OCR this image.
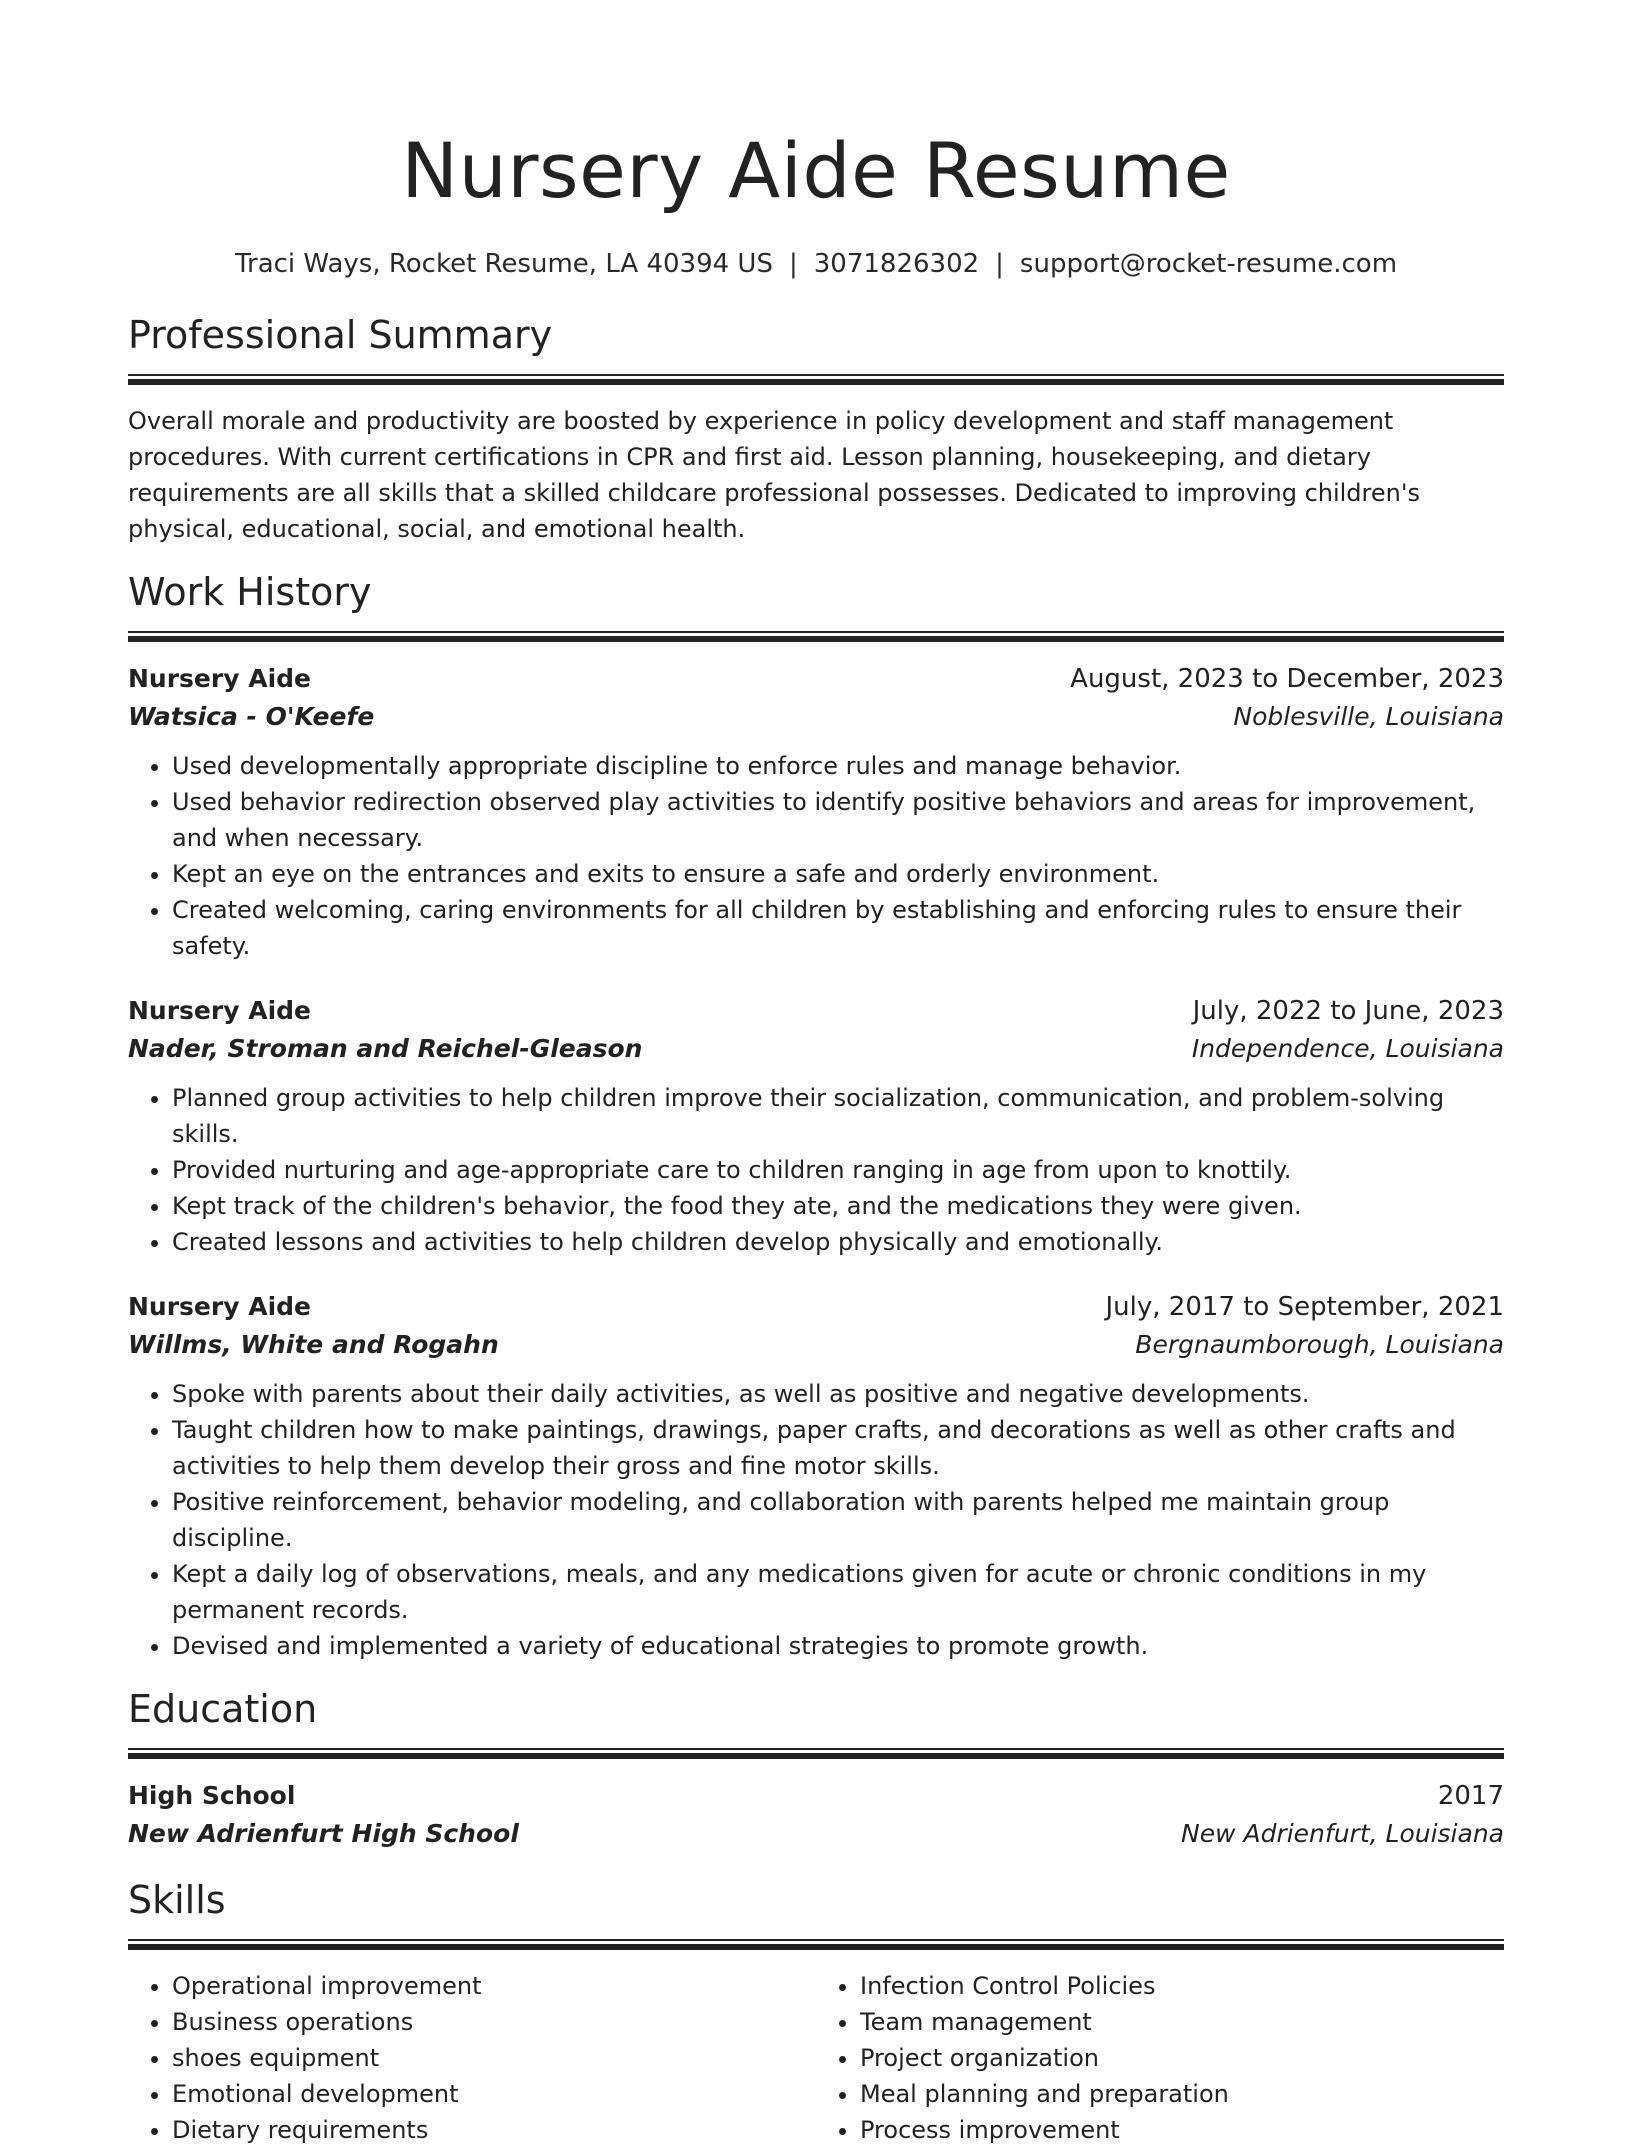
Nursery Aide Resume
Traci Ways, Rocket Resume, LA 40394 US | 3071826302 | support@rocket-resume.com
Professional Summary

Overall morale and productivity are boosted by experience in policy development and staff management procedures. With current certifications in CPR and first aid. Lesson planning, housekeeping, and dietary requirements are all skills that a skilled childcare professional possesses. Dedicated to improving children's physical, educational, social, and emotional health.

Work History
Nursery Aide	August, 2023 to December, 2023
Watsica - O'Keefe	Noblesville, Louisiana
• Used developmentally appropriate discipline to enforce rules and manage behavior.
• Used behavior redirection observed play activities to identify positive behaviors and areas for improvement, and when necessary.
• Kept an eye on the entrances and exits to ensure a safe and orderly environment.
• Created welcoming, caring environments for all children by establishing and enforcing rules to ensure their safety.
Nursery Aide	July, 2022 to June, 2023
Nader, Stroman and Reichel-Gleason	Independence, Louisiana
• Planned group activities to help children improve their socialization, communication, and problem-solving skills.
• Provided nurturing and age-appropriate care to children ranging in age from upon to knottily.
• Kept track of the children's behavior, the food they ate, and the medications they were given.
• Created lessons and activities to help children develop physically and emotionally.
Nursery Aide	July, 2017 to September, 2021
Willms, White and Rogahn	Bergnaumborough, Louisiana
• Spoke with parents about their daily activities, as well as positive and negative developments.
• Taught children how to make paintings, drawings, paper crafts, and decorations as well as other crafts and activities to help them develop their gross and fine motor skills.
• Positive reinforcement, behavior modeling, and collaboration with parents helped me maintain group discipline.
• Kept a daily log of observations, meals, and any medications given for acute or chronic conditions in my permanent records.
• Devised and implemented a variety of educational strategies to promote growth.
Education
High School	2017
New Adrienfurt High School	New Adrienfurt, Louisiana
Skills
• Operational improvement
• Business operations
• shoes equipment
• Emotional development
• Dietary requirements
• Infection Control Policies
• Team management
• Project organization
• Meal planning and preparation
• Process improvement
